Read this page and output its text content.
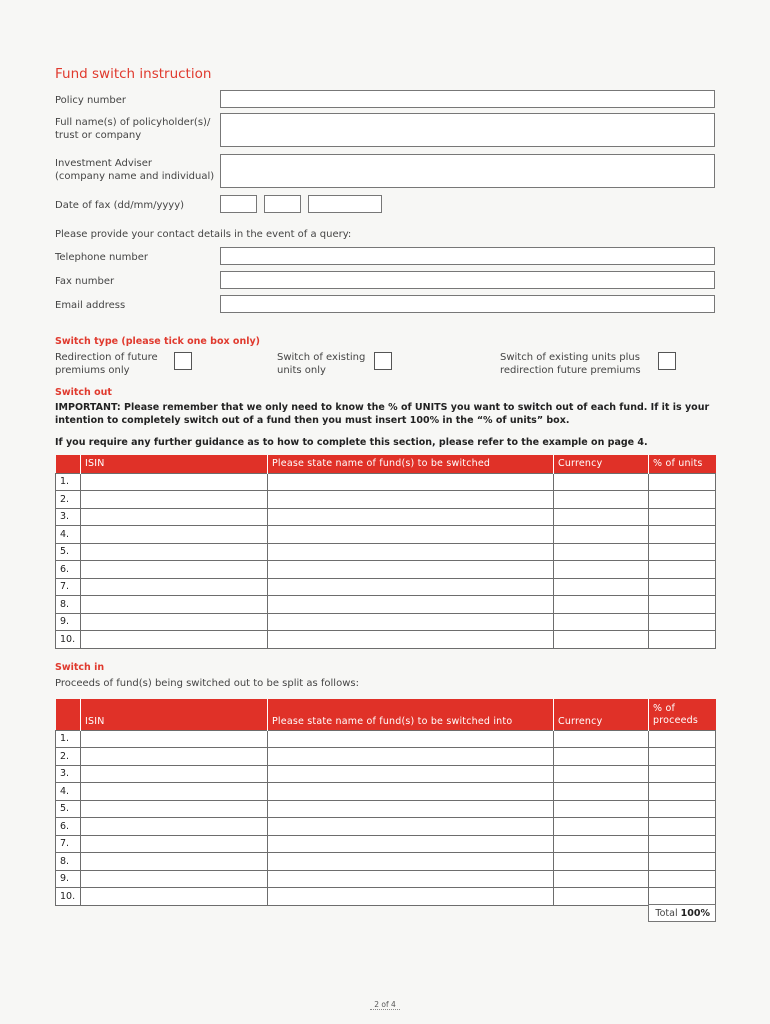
Fund switch instruction
Policy number
Full name(s) of policyholder(s)/
trust or company
Investment Adviser
(company name and individual)
Date of fax (dd/mm/yyyy)
Please provide your contact details in the event of a query:
Telephone number
Fax number
Email address
Switch type (please tick one box only)
Redirection of future
premiums only
Switch of existing
units only
Switch of existing units plus
redirection future premiums
Switch out
IMPORTANT: Please remember that we only need to know the % of UNITS you want to switch out of each fund. If it is your
intention to completely switch out of a fund then you must insert 100% in the “% of units” box.
If you require any further guidance as to how to complete this section, please refer to the example on page 4.
	ISIN	Please state name of fund(s) to be switched	Currency	% of units
1.				
2.				
3.				
4.				
5.				
6.				
7.				
8.				
9.				
10.				
Switch in
Proceeds of fund(s) being switched out to be split as follows:
	ISIN	Please state name of fund(s) to be switched into	Currency	% of
proceeds

1.				
2.				
3.				
4.				
5.				
6.				
7.				
8.				
9.				
10.				
Total 100%
2 of 4
